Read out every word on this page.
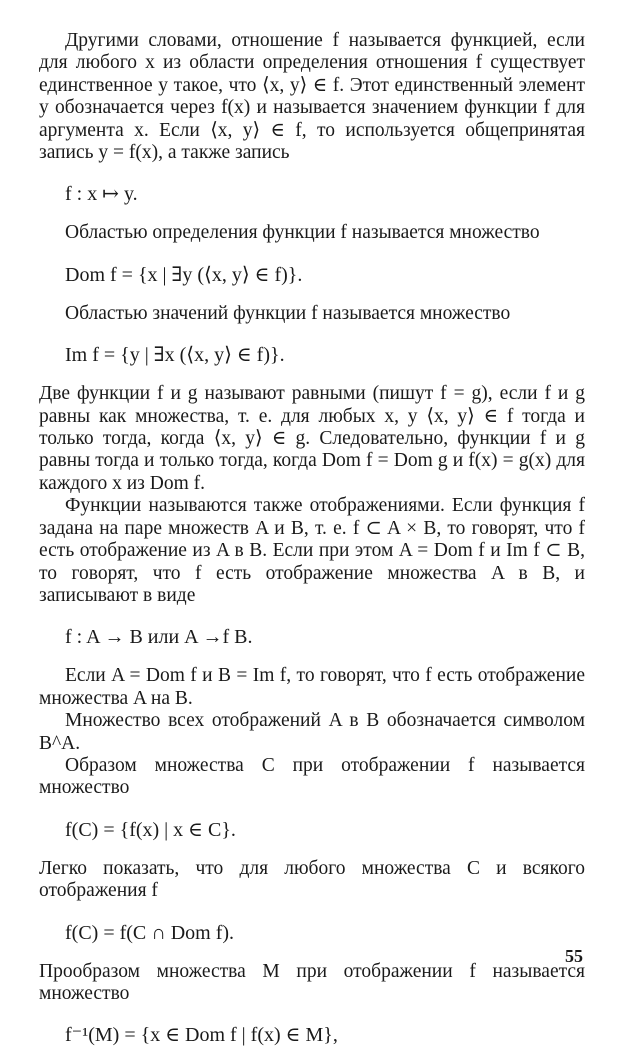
Другими словами, отношение f называется функцией, если для любого x из области определения отношения f существует единственное y такое, что ⟨x, y⟩ ∈ f. Этот единственный элемент y обозначается через f(x) и называется значением функции f для аргумента x. Если ⟨x, y⟩ ∈ f, то используется общепринятая запись y = f(x), а также запись

f : x ↦ y.

Областью определения функции f называется множество

Dom f = {x | ∃y (⟨x, y⟩ ∈ f)}.

Областью значений функции f называется множество

Im f = {y | ∃x (⟨x, y⟩ ∈ f)}.

Две функции f и g называют равными (пишут f = g), если f и g равны как множества, т. е. для любых x, y ⟨x, y⟩ ∈ f тогда и только тогда, когда ⟨x, y⟩ ∈ g. Следовательно, функции f и g равны тогда и только тогда, когда Dom f = Dom g и f(x) = g(x) для каждого x из Dom f.

Функции называются также отображениями. Если функция f задана на паре множеств A и B, т. е. f ⊂ A × B, то говорят, что f есть отображение из A в B. Если при этом A = Dom f и Im f ⊂ B, то говорят, что f есть отображение множества A в B, и записывают в виде

f : A → B или A →f B.

Если A = Dom f и B = Im f, то говорят, что f есть отображение множества A на B.

Множество всех отображений A в B обозначается символом B^A.

Образом множества C при отображении f называется множество

f(C) = {f(x) | x ∈ C}.

Легко показать, что для любого множества C и всякого отображения f

f(C) = f(C ∩ Dom f).

Прообразом множества M при отображении f называется множество

f⁻¹(M) = {x ∈ Dom f | f(x) ∈ M},
55
